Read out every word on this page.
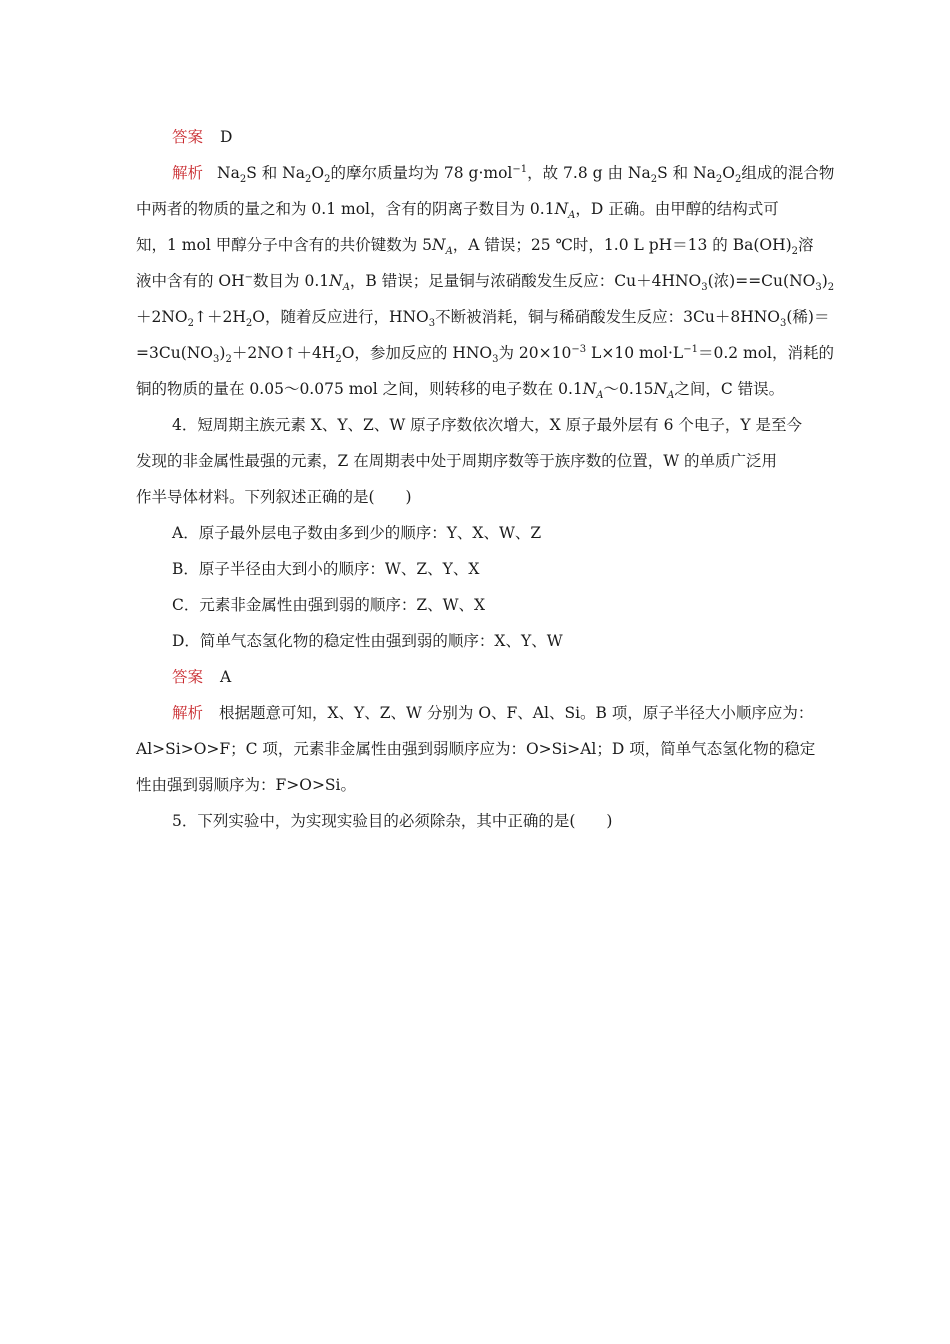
答案 D
解析 $Na_2S$ 和 $Na_2O_2$的摩尔质量均为 78 g·mol$^{-1}$，故 7.8 g 由 $Na_2S$ 和 $Na_2O_2$组成的混合物
中两者的物质的量之和为 0.1 mol，含有的阴离子数目为 $0.1N_A$，D 正确。由甲醇的结构式可
知，1 mol 甲醇分子中含有的共价键数为 $5N_A$，A 错误；25 ℃时，1.0 L pH＝13 的 $Ba(OH)_2$溶
液中含有的 OH−数目为 $0.1N_A$，B 错误；足量铜与浓硝酸发生反应：$Cu+4HNO_3$(浓)$==Cu(NO_3)_2$
$+2NO_2↑+2H_2O$，随着反应进行，$HNO_3$不断被消耗，铜与稀硝酸发生反应：$3Cu+8HNO_3$(稀)＝
$=3Cu(NO_3)_2+2NO↑+4H_2O$，参加反应的 $HNO_3$为 $20\times 10^{-3}$ L×10 $mol\cdot L^{-1}=0.2$ mol，消耗的
铜的物质的量在 0.05～0.075 mol 之间，则转移的电子数在 $0.1N_A\sim 0.15N_A$之间，C 错误。
4．短周期主族元素 X、Y、Z、W 原子序数依次增大，X 原子最外层有 6 个电子，Y 是至今
发现的非金属性最强的元素，Z 在周期表中处于周期序数等于族序数的位置，W 的单质广泛用
作半导体材料。下列叙述正确的是(　　)
A．原子最外层电子数由多到少的顺序：Y、X、W、Z
B．原子半径由大到小的顺序：W、Z、Y、X
C．元素非金属性由强到弱的顺序：Z、W、X
D．简单气态氢化物的稳定性由强到弱的顺序：X、Y、W
答案 A
解析 根据题意可知，X、Y、Z、W 分别为 O、F、Al、Si。B 项，原子半径大小顺序应为：
Al>Si>O>F；C 项，元素非金属性由强到弱顺序应为：O>Si>Al；D 项，简单气态氢化物的稳定
性由强到弱顺序为：F>O>Si。
5．下列实验中，为实现实验目的必须除杂，其中正确的是(　　)
